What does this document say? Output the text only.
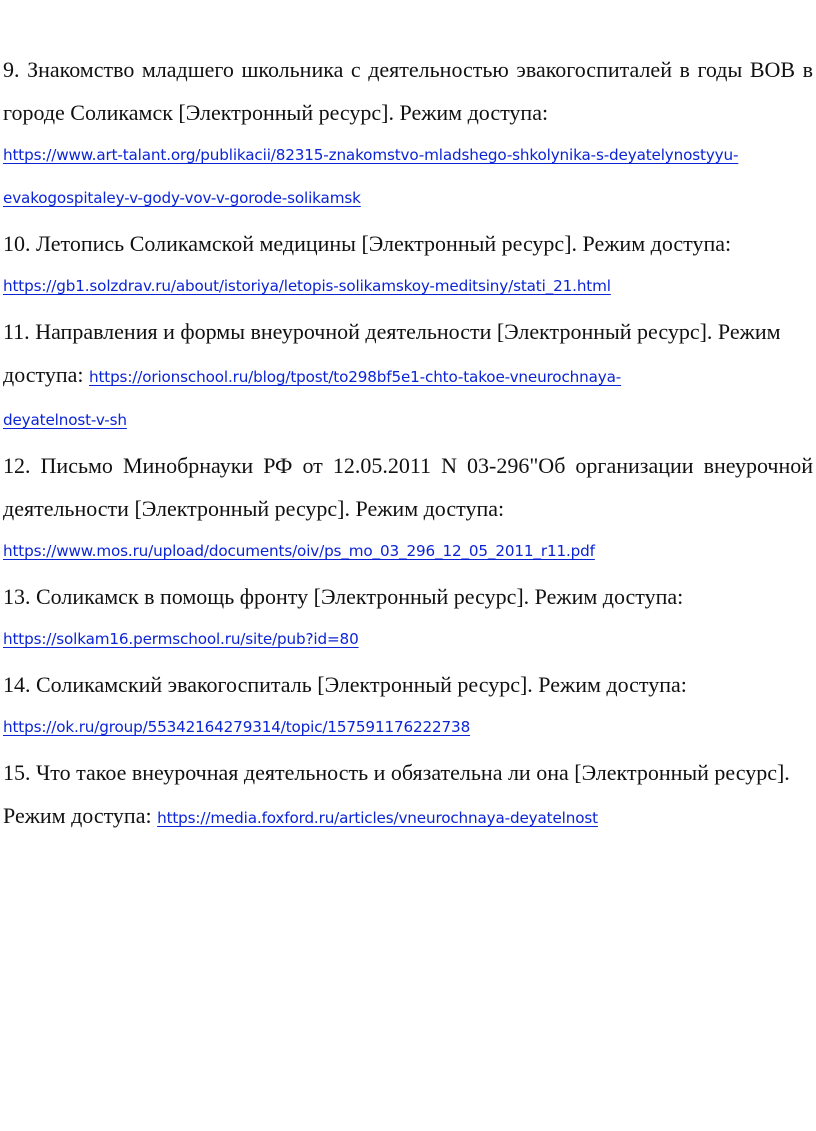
9. Знакомство младшего школьника с деятельностью эвакогоспиталей в годы ВОВ в городе Соликамск [Электронный ресурс]. Режим доступа:
https://www.art-talant.org/publikacii/82315-znakomstvo-mladshego-shkolynika-s-deyatelynostyyu-
evakogospitaley-v-gody-vov-v-gorode-solikamsk

10. Летопись Соликамской медицины [Электронный ресурс]. Режим доступа:
https://gb1.solzdrav.ru/about/istoriya/letopis-solikamskoy-meditsiny/stati_21.html

11. Направления и формы внеурочной деятельности [Электронный ресурс]. Режим доступа: https://orionschool.ru/blog/tpost/to298bf5e1-chto-takoe-vneurochnaya-
deyatelnost-v-sh

12. Письмо Минобрнауки РФ от 12.05.2011 N 03-296"Об организации внеурочной деятельности [Электронный ресурс]. Режим доступа:
https://www.mos.ru/upload/documents/oiv/ps_mo_03_296_12_05_2011_r11.pdf

13. Соликамск в помощь фронту [Электронный ресурс]. Режим доступа:
https://solkam16.permschool.ru/site/pub?id=80

14. Соликамский эвакогоспиталь [Электронный ресурс]. Режим доступа:
https://ok.ru/group/55342164279314/topic/157591176222738

15. Что такое внеурочная деятельность и обязательна ли она [Электронный ресурс]. Режим доступа: https://media.foxford.ru/articles/vneurochnaya-deyatelnost
